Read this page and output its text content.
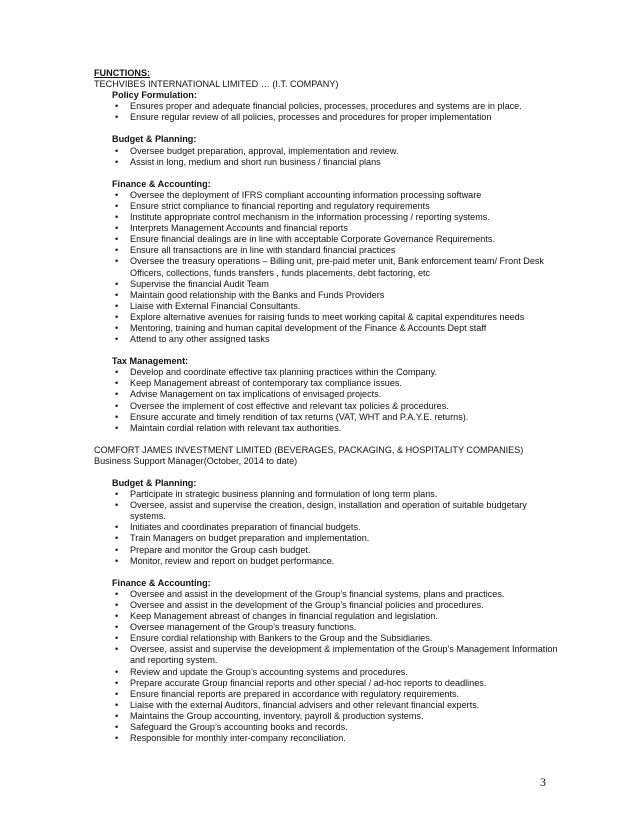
FUNCTIONS:
TECHVIBES INTERNATIONAL LIMITED … (I.T. COMPANY)
Policy Formulation:
• Ensures proper and adequate financial policies, processes, procedures and systems are in place.
• Ensure regular review of all policies, processes and procedures for proper implementation
Budget & Planning:
• Oversee budget preparation, approval, implementation and review.
• Assist in long, medium and short run business / financial plans
Finance & Accounting:
• Oversee the deployment of IFRS compliant accounting information processing software
• Ensure strict compliance to financial reporting and regulatory requirements
• Institute appropriate control mechanism in the information processing / reporting systems.
• Interprets Management Accounts and financial reports
• Ensure financial dealings are in line with acceptable Corporate Governance Requirements.
• Ensure all transactions are in line with standard financial practices
• Oversee the treasury operations – Billing unit, pre-paid meter unit, Bank enforcement team/ Front Desk Officers, collections, funds transfers , funds placements, debt factoring, etc
• Supervise the financial Audit Team
• Maintain good relationship with the Banks and Funds Providers
• Liaise with External Financial Consultants.
• Explore alternative avenues for raising funds to meet working capital & capital expenditures needs
• Mentoring, training and human capital development of the Finance & Accounts Dept staff
• Attend to any other assigned tasks
Tax Management:
• Develop and coordinate effective tax planning practices within the Company.
• Keep Management abreast of contemporary tax compliance issues.
• Advise Management on tax implications of envisaged projects.
• Oversee the implement of cost effective and relevant tax policies & procedures.
• Ensure accurate and timely rendition of tax returns (VAT, WHT and P.A.Y.E. returns).
• Maintain cordial relation with relevant tax authorities.
COMFORT JAMES INVESTMENT LIMITED (BEVERAGES, PACKAGING, & HOSPITALITY COMPANIES)
Business Support Manager(October, 2014 to date)
Budget & Planning:
• Participate in strategic business planning and formulation of long term plans.
• Oversee, assist and supervise the creation, design, installation and operation of suitable budgetary systems.
• Initiates and coordinates preparation of financial budgets.
• Train Managers on budget preparation and implementation.
• Prepare and monitor the Group cash budget.
• Monitor, review and report on budget performance.
Finance & Accounting:
• Oversee and assist in the development of the Group’s financial systems, plans and practices.
• Oversee and assist in the development of the Group’s financial policies and procedures.
• Keep Management abreast of changes in financial regulation and legislation.
• Oversee management of the Group’s treasury functions.
• Ensure cordial relationship with Bankers to the Group and the Subsidiaries.
• Oversee, assist and supervise the development & implementation of the Group’s Management Information and reporting system.
• Review and update the Group’s accounting systems and procedures.
• Prepare accurate Group financial reports and other special / ad-hoc reports to deadlines.
• Ensure financial reports are prepared in accordance with regulatory requirements.
• Liaise with the external Auditors, financial advisers and other relevant financial experts.
• Maintains the Group accounting, inventory, payroll & production systems.
• Safeguard the Group’s accounting books and records.
• Responsible for monthly inter-company reconciliation.
3
